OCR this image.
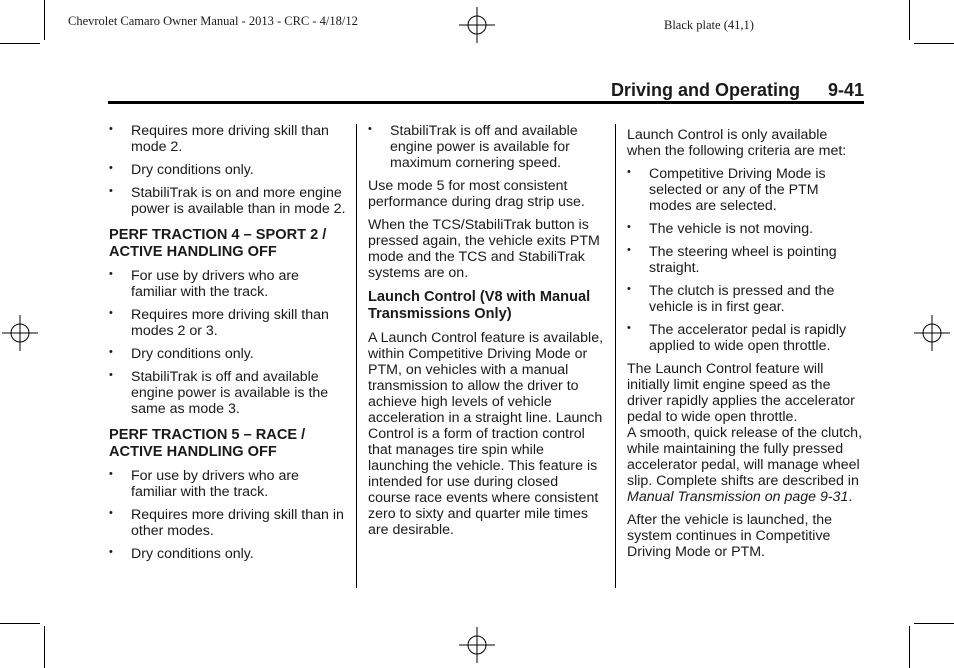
Chevrolet Camaro Owner Manual - 2013 - CRC - 4/18/12	Black plate (41,1)
Driving and Operating 9-41
• Requires more driving skill than mode 2.
• Dry conditions only.
• StabiliTrak is on and more engine power is available than in mode 2.
PERF TRACTION 4 – SPORT 2 / ACTIVE HANDLING OFF
• For use by drivers who are familiar with the track.
• Requires more driving skill than modes 2 or 3.
• Dry conditions only.
• StabiliTrak is off and available engine power is available is the same as mode 3.
PERF TRACTION 5 – RACE / ACTIVE HANDLING OFF
• For use by drivers who are familiar with the track.
• Requires more driving skill than in other modes.
• Dry conditions only.
• StabiliTrak is off and available engine power is available for maximum cornering speed.

Use mode 5 for most consistent performance during drag strip use.

When the TCS/StabiliTrak button is pressed again, the vehicle exits PTM mode and the TCS and StabiliTrak systems are on.

Launch Control (V8 with Manual Transmissions Only)

A Launch Control feature is available, within Competitive Driving Mode or PTM, on vehicles with a manual transmission to allow the driver to achieve high levels of vehicle acceleration in a straight line. Launch Control is a form of traction control that manages tire spin while launching the vehicle. This feature is intended for use during closed course race events where consistent zero to sixty and quarter mile times are desirable.

Launch Control is only available when the following criteria are met:

• Competitive Driving Mode is selected or any of the PTM modes are selected.
• The vehicle is not moving.
• The steering wheel is pointing straight.
• The clutch is pressed and the vehicle is in first gear.
• The accelerator pedal is rapidly applied to wide open throttle.

The Launch Control feature will initially limit engine speed as the driver rapidly applies the accelerator pedal to wide open throttle.

A smooth, quick release of the clutch, while maintaining the fully pressed accelerator pedal, will manage wheel slip. Complete shifts are described in Manual Transmission on page 9-31.

After the vehicle is launched, the system continues in Competitive Driving Mode or PTM.
